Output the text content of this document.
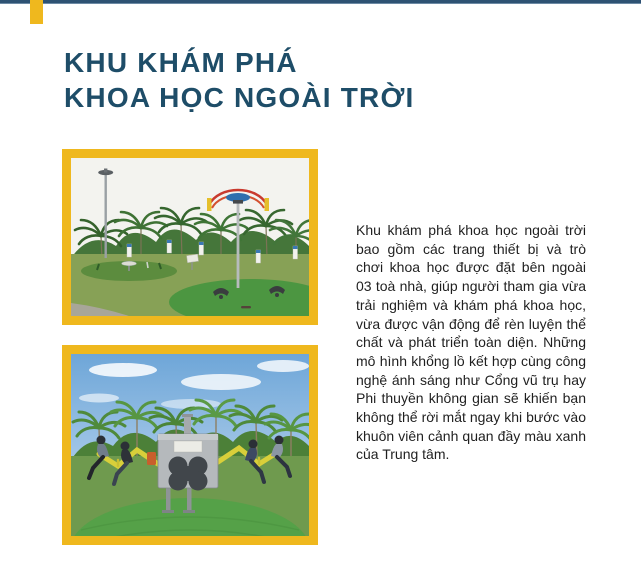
KHU KHÁM PHÁ
KHOA HỌC NGOÀI TRỜI

Khu khám phá khoa học ngoài trời bao gồm các trang thiết bị và trò chơi khoa học được đặt bên ngoài 03 toà nhà, giúp người tham gia vừa trải nghiệm và khám phá khoa học, vừa được vận động để rèn luyện thể chất và phát triển toàn diện. Những mô hình khổng lồ kết hợp cùng công nghệ ánh sáng như Cổng vũ trụ hay Phi thuyền không gian sẽ khiến bạn không thể rời mắt ngay khi bước vào khuôn viên cảnh quan đầy màu xanh của Trung tâm.
